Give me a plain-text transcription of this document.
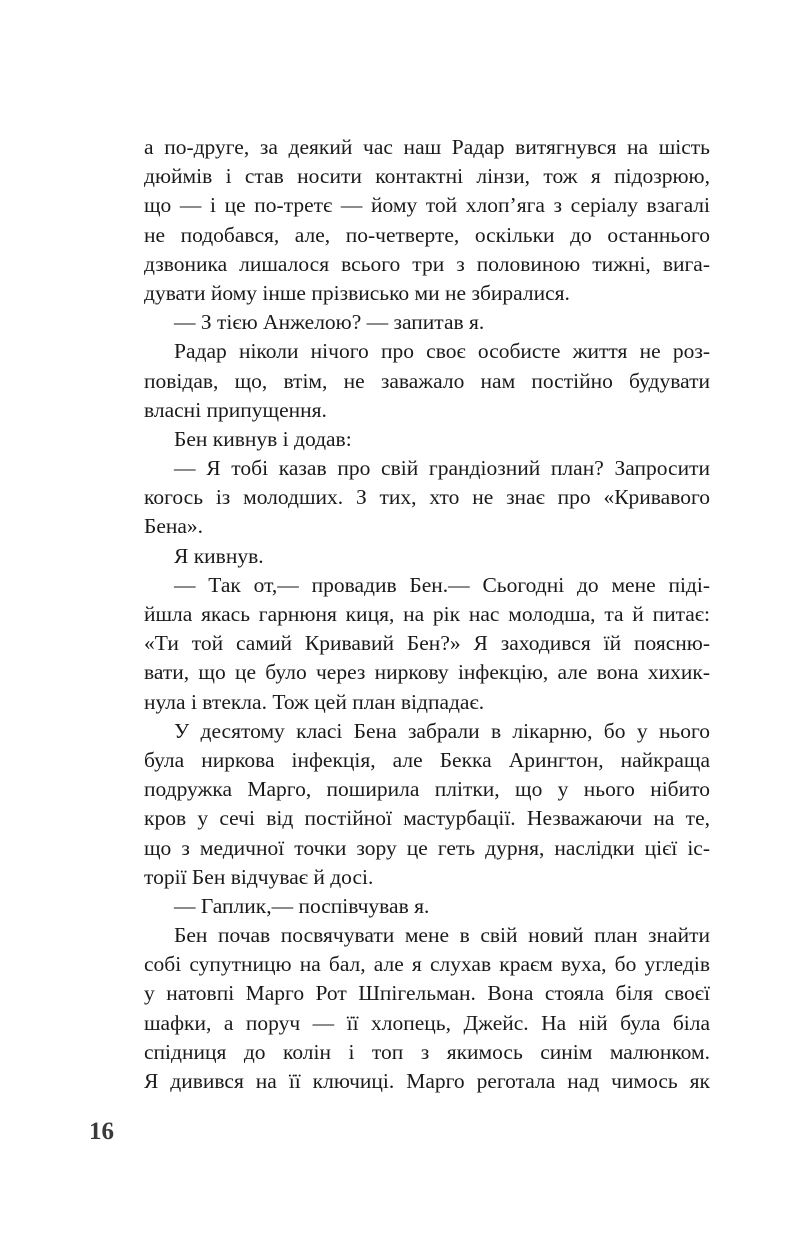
а по-друге, за деякий час наш Радар витягнувся на шість
дюймів і став носити контактні лінзи, тож я підозрюю,
що — і це по-третє — йому той хлоп’яга з серіалу взагалі
не подобався, але, по-четверте, оскільки до останнього
дзвоника лишалося всього три з половиною тижні, вига-
дувати йому інше прізвисько ми не збиралися.
— З тією Анжелою? — запитав я.
Радар ніколи нічого про своє особисте життя не роз-
повідав, що, втім, не заважало нам постійно будувати
власні припущення.
Бен кивнув і додав:
— Я тобі казав про свій грандіозний план? Запросити
когось із молодших. З тих, хто не знає про «Кривавого
Бена».
Я кивнув.
— Так от,— провадив Бен.— Сьогодні до мене піді-
йшла якась гарнюня киця, на рік нас молодша, та й питає:
«Ти той самий Кривавий Бен?» Я заходився їй поясню-
вати, що це було через ниркову інфекцію, але вона хихик-
нула і втекла. Тож цей план відпадає.
У десятому класі Бена забрали в лікарню, бо у нього
була ниркова інфекція, але Бекка Арингтон, найкраща
подружка Марго, поширила плітки, що у нього нібито
кров у сечі від постійної мастурбації. Незважаючи на те,
що з медичної точки зору це геть дурня, наслідки цієї іс-
торії Бен відчуває й досі.
— Гаплик,— поспівчував я.
Бен почав посвячувати мене в свій новий план знайти
собі супутницю на бал, але я слухав краєм вуха, бо угледів
у натовпі Марго Рот Шпігельман. Вона стояла біля своєї
шафки, а поруч — її хлопець, Джейс. На ній була біла
спідниця до колін і топ з якимось синім малюнком.
Я дивився на її ключиці. Марго реготала над чимось як
16
